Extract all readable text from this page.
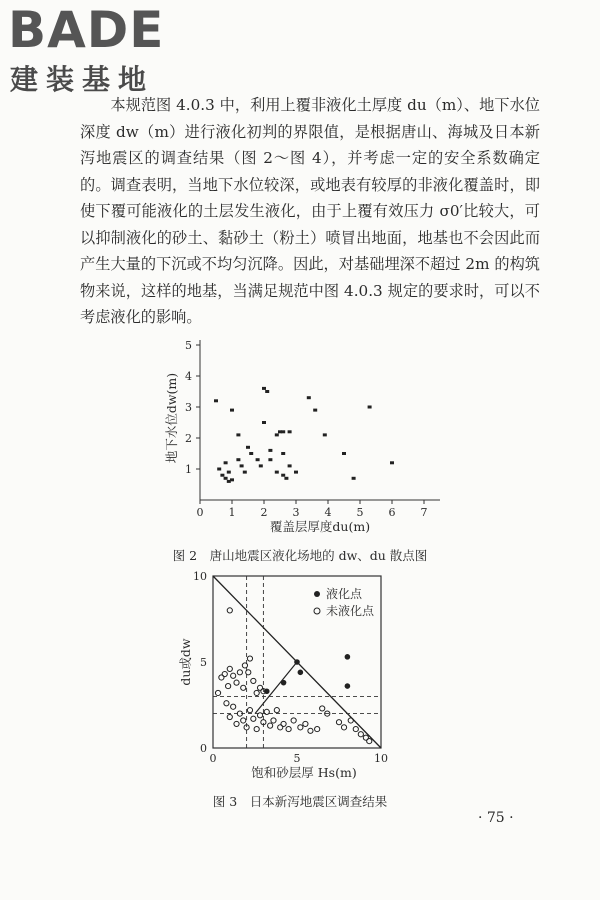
BADE
建装基地

本规范图 4.0.3 中，利用上覆非液化土厚度 du（m）、地下水位深度 dw（m）进行液化初判的界限值，是根据唐山、海城及日本新泻地震区的调查结果（图 2～图 4），并考虑一定的安全系数确定的。调查表明，当地下水位较深，或地表有较厚的非液化覆盖时，即使下覆可能液化的土层发生液化，由于上覆有效压力 σ0′比较大，可以抑制液化的砂土、黏砂土（粉土）喷冒出地面，地基也不会因此而产生大量的下沉或不均匀沉降。因此，对基础埋深不超过 2m 的构筑物来说，这样的地基，当满足规范中图 4.0.3 规定的要求时，可以不考虑液化的影响。

地下水位dw(m)
覆盖层厚度du(m)
0 1 2 3 4 5 6 7
1
2
3
4
5
0	5	10
0
5
10
液化点
未液化点
du或dw
饱和砂层厚 Hs(m)
图 2　唐山地震区液化场地的 dw、du 散点图
图 3　日本新泻地震区调查结果
· 75 ·
